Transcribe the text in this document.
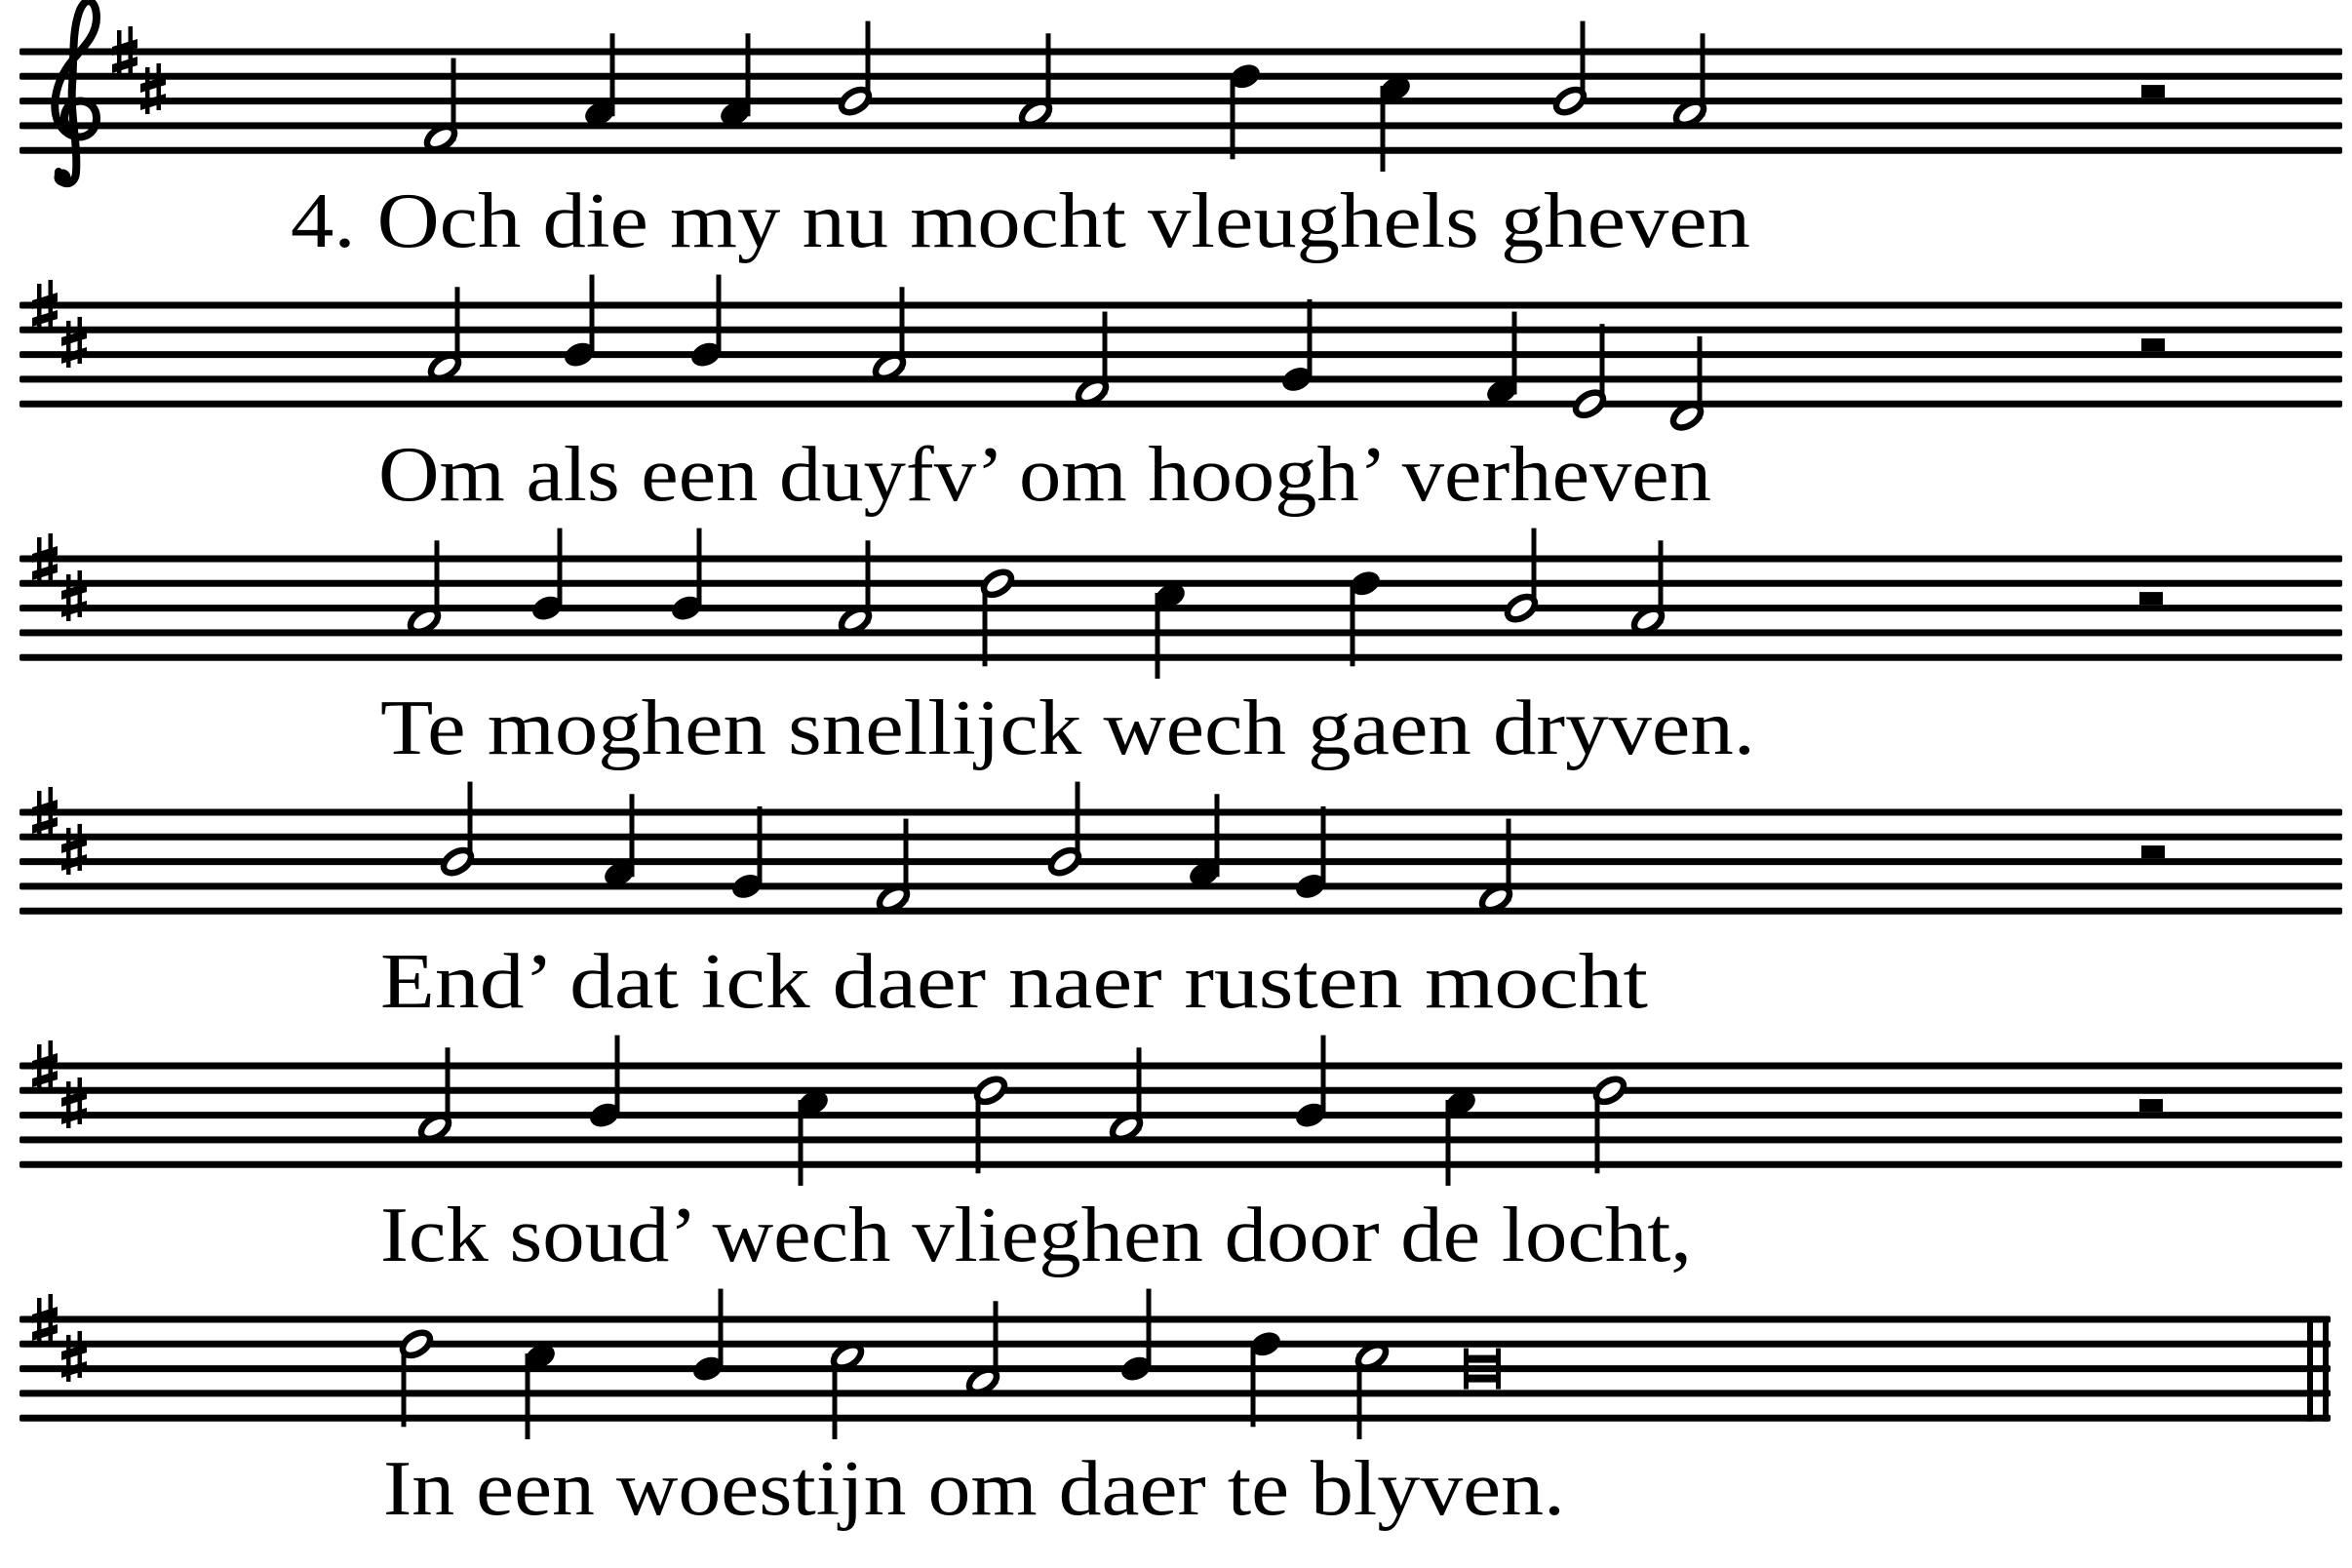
4. Och die my nu mocht vleughels gheven
Om als een duyfv’ om hoogh’ verheven
Te moghen snellijck wech gaen dryven.
End’ dat ick daer naer rusten mocht
Ick soud’ wech vlieghen door de locht,
In een woestijn om daer te blyven.
